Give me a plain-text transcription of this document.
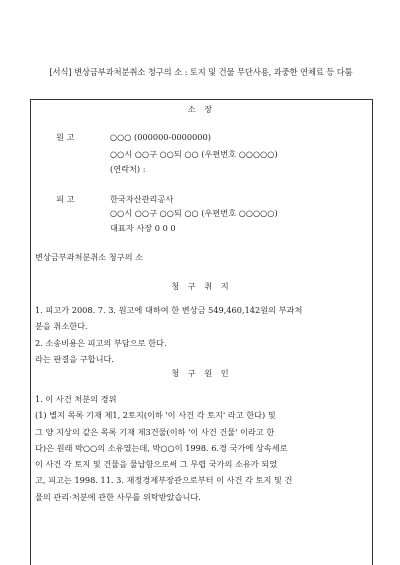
[서식] 변상금부과처분취소 청구의 소 : 토지 및 건물 무단사용, 과중한 연체료 등 다툼
소 장
원 고	○○○ (000000-0000000)
○○시 ○○구 ○○되 ○○ (우편번호 ○○○○○)
(연락처) :
피 고	한국자산관리공사
○○시 ○○구 ○○되 ○○ (우편번호 ○○○○○)
대표자 사장 0 0 0
변상금부과처분취소 청구의 소
청 구 취 지
1. 피고가 2008. 7. 3. 원고에 대하여 한 변상금 549,460,142원의 부과처
분을 취소한다.
2. 소송비용은 피고의 부담으로 한다.
라는 판결을 구합니다.
청 구 원 인
1. 이 사건 처분의 경위
(1) 별지 목록 기재 제1, 2토지(이하 '이 사건 각 토지' 라고 한다) 및
그 양 지상의 같은 목록 기재 제3건물(이하 '이 사건 건물' 이라고 한
다)은 원래 박○○의 소유였는데, 박○○이 1998. 6.경 국가에 상속세로
이 사건 각 토지 및 건물을 물납함으로써 그 무렵 국가의 소유가 되었
고, 피고는 1998. 11. 3. 재정경제부장관으로부터 이 사건 각 토지 및 건
물의 관리·처분에 관한 사무를 위탁받았습니다.
